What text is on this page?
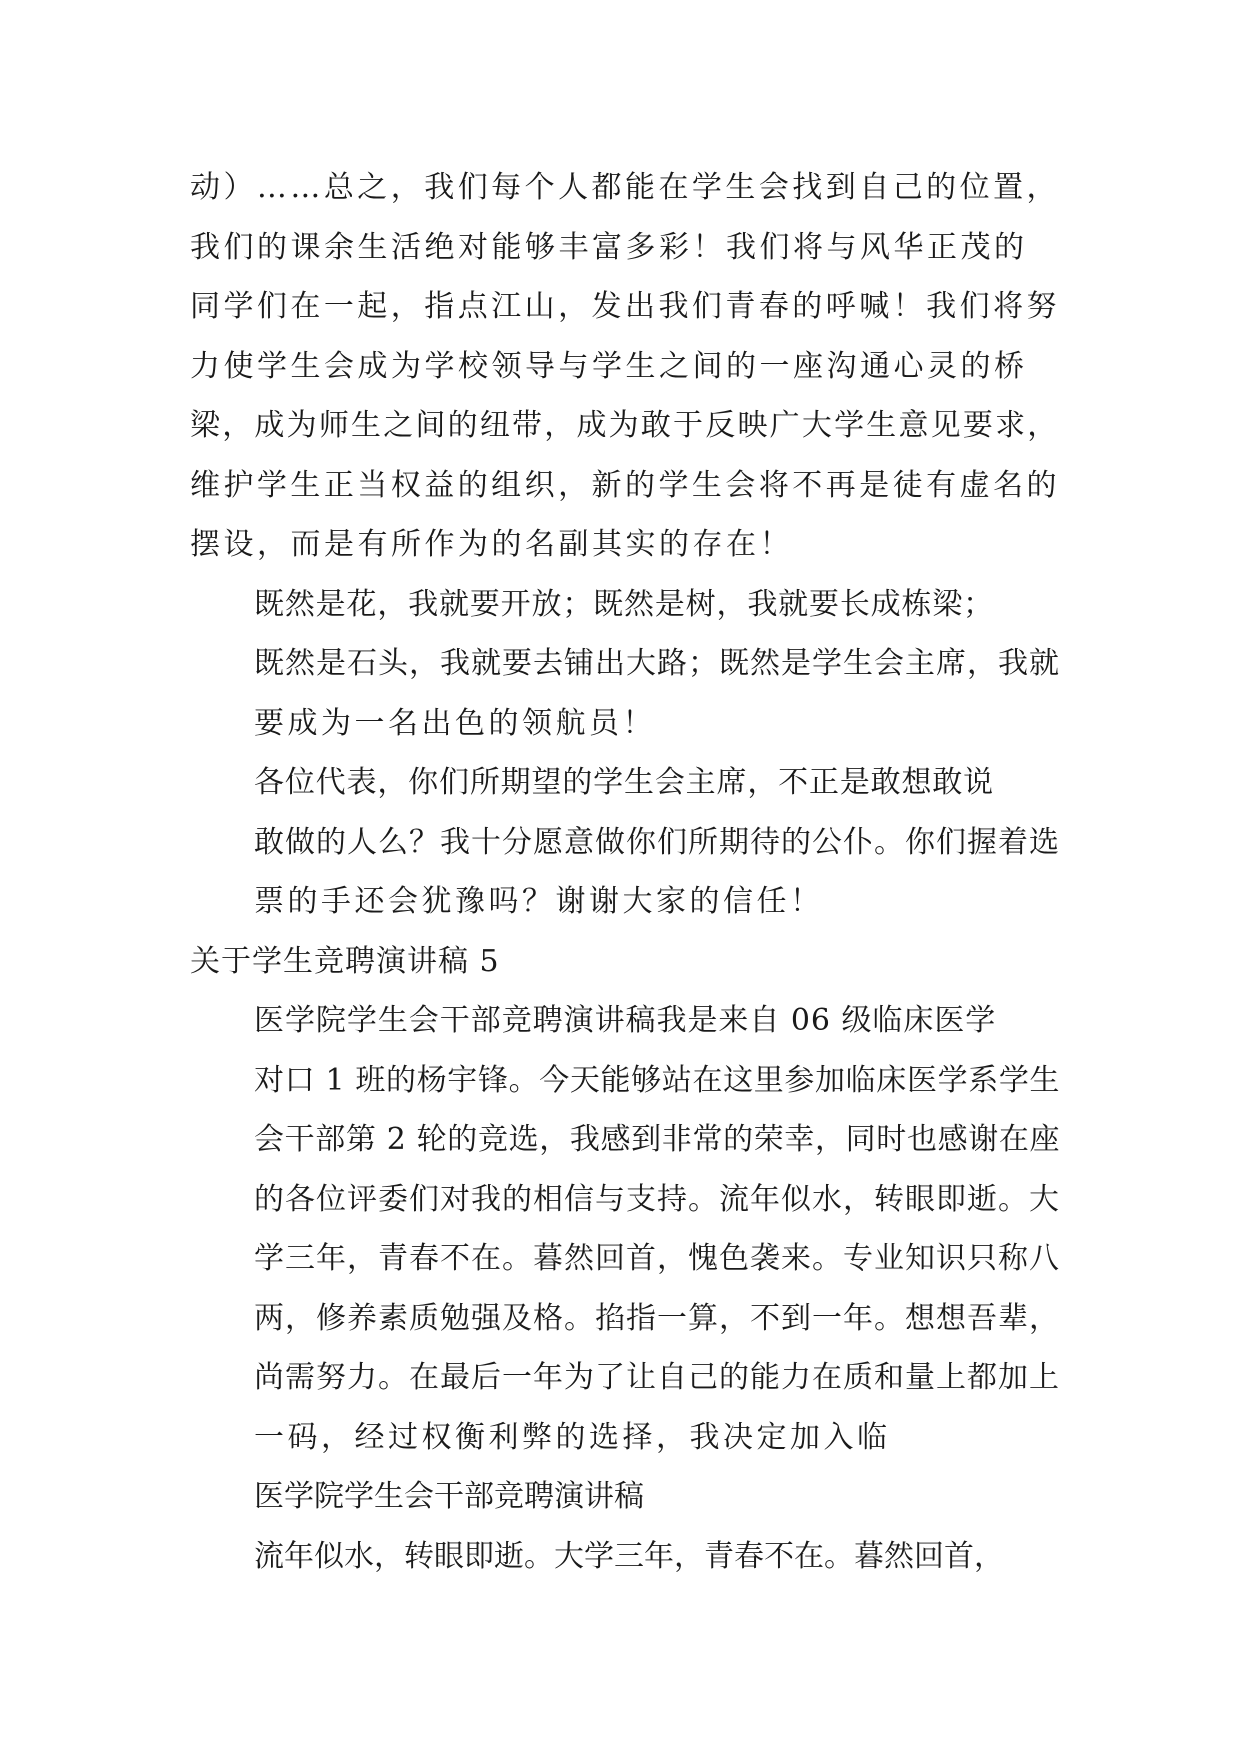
动）……总之，我们每个人都能在学生会找到自己的位置，
我们的课余生活绝对能够丰富多彩！我们将与风华正茂的
同学们在一起，指点江山，发出我们青春的呼喊！我们将努
力使学生会成为学校领导与学生之间的一座沟通心灵的桥
梁，成为师生之间的纽带，成为敢于反映广大学生意见要求，
维护学生正当权益的组织，新的学生会将不再是徒有虚名的
摆设，而是有所作为的名副其实的存在！
既然是花，我就要开放；既然是树，我就要长成栋梁；
既然是石头，我就要去铺出大路；既然是学生会主席，我就
要成为一名出色的领航员！
各位代表，你们所期望的学生会主席，不正是敢想敢说
敢做的人么？我十分愿意做你们所期待的公仆。你们握着选
票的手还会犹豫吗？谢谢大家的信任！
关于学生竞聘演讲稿 5
医学院学生会干部竞聘演讲稿我是来自 06 级临床医学
对口 1 班的杨宇锋。今天能够站在这里参加临床医学系学生
会干部第 2 轮的竞选，我感到非常的荣幸，同时也感谢在座
的各位评委们对我的相信与支持。流年似水，转眼即逝。大
学三年，青春不在。暮然回首，愧色袭来。专业知识只称八
两，修养素质勉强及格。掐指一算，不到一年。想想吾辈，
尚需努力。在最后一年为了让自己的能力在质和量上都加上
一码，经过权衡利弊的选择，我决定加入临
医学院学生会干部竞聘演讲稿
流年似水，转眼即逝。大学三年，青春不在。暮然回首，
